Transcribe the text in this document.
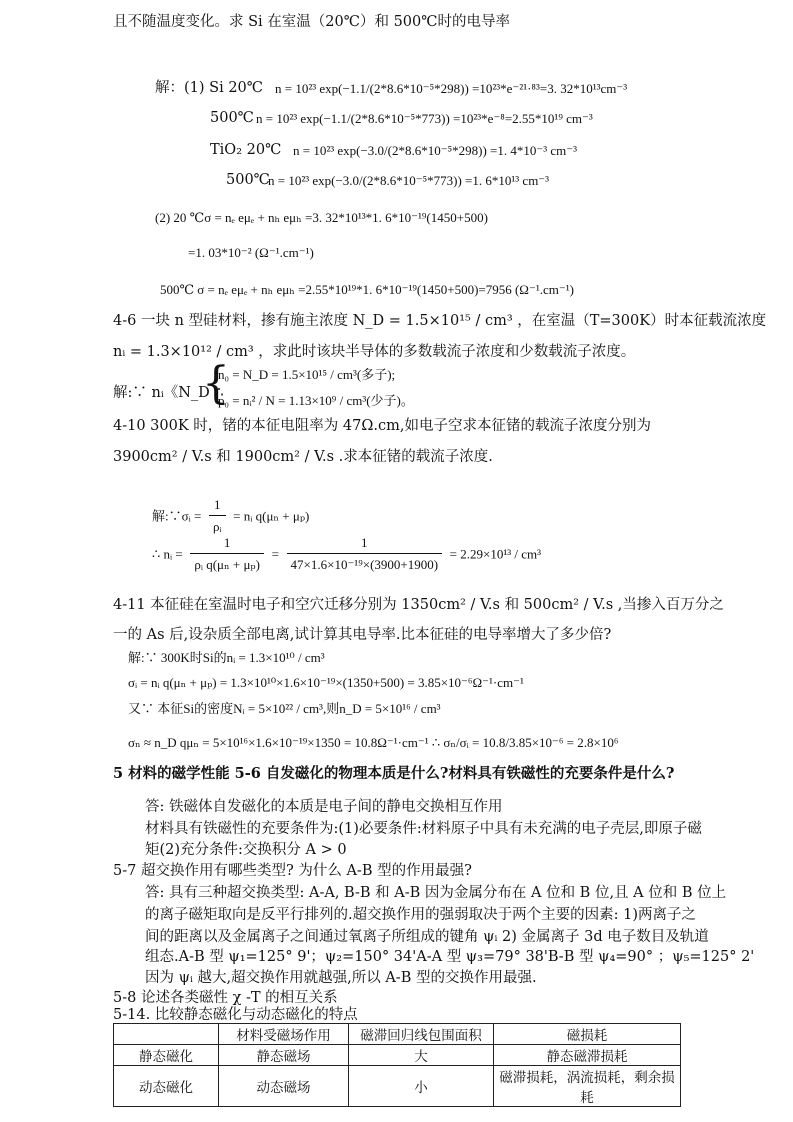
且不随温度变化。求 Si 在室温（20℃）和 500℃时的电导率
解：(1) Si 20℃ n = 10²³ exp(−1.1/(2*8.6*10⁻⁵*298)) =10²³*e⁻²¹·⁸³=3. 32*10¹³cm⁻³
500℃ n = 10²³ exp(−1.1/(2*8.6*10⁻⁵*773)) =10²³*e⁻⁸=2.55*10¹⁹ cm⁻³
TiO₂ 20℃ n = 10²³ exp(−3.0/(2*8.6*10⁻⁵*298)) =1. 4*10⁻³ cm⁻³
500℃
n = 10²³ exp(−3.0/(2*8.6*10⁻⁵*773)) =1. 6*10¹³ cm⁻³
(2) 20 ℃σ = nₑ eμₑ + nₕ eμₕ =3. 32*10¹³*1. 6*10⁻¹⁹(1450+500)
=1. 03*10⁻² (Ω⁻¹.cm⁻¹)
500℃ σ = nₑ eμₑ + nₕ eμₕ =2.55*10¹⁹*1. 6*10⁻¹⁹(1450+500)=7956 (Ω⁻¹.cm⁻¹)
4-6 一块 n 型硅材料，掺有施主浓度 N_D = 1.5×10¹⁵ / cm³ ，在室温（T=300K）时本征载流浓度
nᵢ = 1.3×10¹² / cm³ ，求此时该块半导体的多数载流子浓度和少数载流子浓度。
解:∵ nᵢ《N_D ∴
{
n₀ = N_D = 1.5×10¹⁵ / cm³(多子);
p₀ = nᵢ² / N = 1.13×10⁹ / cm³(少子)。
4-10 300K 时，锗的本征电阻率为 47Ω.cm,如电子空求本征锗的载流子浓度分别为
3900cm² / V.s 和 1900cm² / V.s .求本征锗的载流子浓度.
解:∵σᵢ = $\frac{1}{\text{ρᵢ}}$ = nᵢ q(μₙ + μₚ)
∴ nᵢ = $\frac{1}{\text{ρᵢ q(μₙ + μₚ)}} = \frac{1}{\text{47×1.6×10⁻¹⁹×(3900+1900)}} = 2.29\times 10^{13} / cm^3$
4-11 本征硅在室温时电子和空穴迁移分别为 1350cm² / V.s 和 500cm² / V.s ,当掺入百万分之
一的 As 后,设杂质全部电离,试计算其电导率.比本征硅的电导率增大了多少倍?
解:∵ 300K时Si的nᵢ = 1.3×10¹⁰ / cm³
σᵢ = nᵢ q(μₙ + μₚ) = 1.3×10¹⁰×1.6×10⁻¹⁹×(1350+500) = 3.85×10⁻⁶Ω⁻¹·cm⁻¹
又∵ 本征Si的密度Nᵢ = 5×10²² / cm³,则n_D = 5×10¹⁶ / cm³
σₙ ≈ n_D qμₙ = 5×10¹⁶×1.6×10⁻¹⁹×1350 = 10.8Ω⁻¹·cm⁻¹ ∴ σₙ/σᵢ = 10.8/3.85×10⁻⁶ = 2.8×10⁶
5 材料的磁学性能 5-6 自发磁化的物理本质是什么?材料具有铁磁性的充要条件是什么?
答: 铁磁体自发磁化的本质是电子间的静电交换相互作用
材料具有铁磁性的充要条件为:(1)必要条件:材料原子中具有未充满的电子壳层,即原子磁
矩(2)充分条件:交换积分 A > 0
5-7 超交换作用有哪些类型? 为什么 A-B 型的作用最强?
答: 具有三种超交换类型: A-A, B-B 和 A-B 因为金属分布在 A 位和 B 位,且 A 位和 B 位上
的离子磁矩取向是反平行排列的.超交换作用的强弱取决于两个主要的因素: 1)两离子之
间的距离以及金属离子之间通过氧离子所组成的键角 ψᵢ 2) 金属离子 3d 电子数目及轨道
组态.A-B 型 ψ₁=125° 9'；ψ₂=150° 34'A-A 型 ψ₃=79° 38'B-B 型 ψ₄=90° ；ψ₅=125° 2'
因为 ψᵢ 越大,超交换作用就越强,所以 A-B 型的交换作用最强.
5-8 论述各类磁性 χ -T 的相互关系
5-14. 比较静态磁化与动态磁化的特点
	材料受磁场作用	磁滞回归线包围面积	磁损耗
静态磁化	静态磁场	大	静态磁滞损耗
动态磁化	动态磁场	小	磁滞损耗，涡流损耗，剩余损耗
